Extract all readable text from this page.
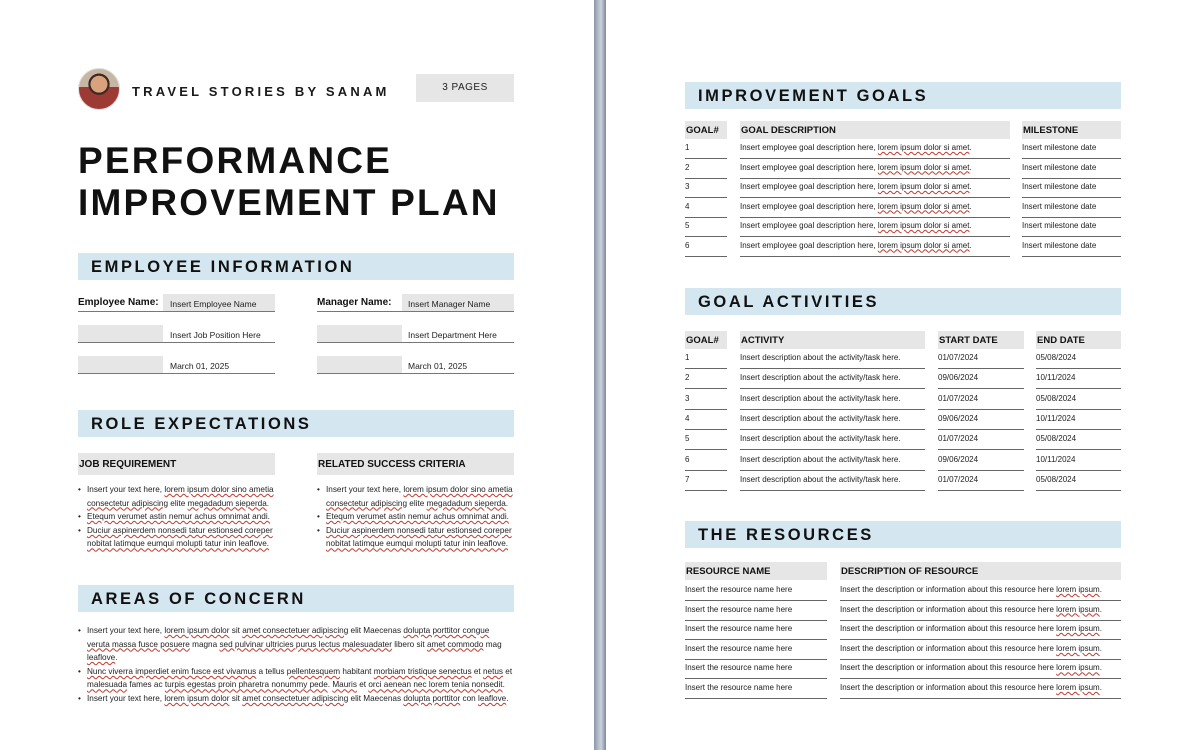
TRAVEL STORIES BY SANAM	3 PAGES
PERFORMANCE
IMPROVEMENT PLAN
EMPLOYEE INFORMATION
Employee Name: Insert Employee Name	Manager Name: Insert Manager Name
Insert Job Position Here	Insert Department Here
March 01, 2025	March 01, 2025
ROLE EXPECTATIONS
JOB REQUIREMENT	RELATED SUCCESS CRITERIA
• Insert your text here, lorem ipsum dolor sino ametia consectetur adipiscing elite megadadum sieperda.
• Etequm verumet astin nemur achus omnimat andi.
• Duciur aspinerdem nonsedi tatur estionsed coreper nobitat latimque eumqui molupti tatur inin leaflove.
• Insert your text here, lorem ipsum dolor sino ametia consectetur adipiscing elite megadadum sieperda.
• Etequm verumet astin nemur achus omnimat andi.
• Duciur aspinerdem nonsedi tatur estionsed coreper nobitat latimque eumqui molupti tatur inin leaflove.
AREAS OF CONCERN
• Insert your text here, lorem ipsum dolor sit amet consectetuer adipiscing elit Maecenas dolupta porttitor congue veruta massa fusce posuere magna sed pulvinar ultricies purus lectus malesuadater libero sit amet commodo mag leaflove.
• Nunc viverra imperdiet enim fusce est vivamus a tellus pellentesquem habitant morbiam tristique senectus et netus et malesuada fames ac turpis egestas proin pharetra nonummy pede. Mauris et orci aenean nec lorem tenia nonsedit.
• Insert your text here, lorem ipsum dolor sit amet consectetuer adipiscing elit Maecenas dolupta porttitor con leaflove.
IMPROVEMENT GOALS
GOAL#	GOAL DESCRIPTION	MILESTONE
1	Insert employee goal description here, lorem ipsum dolor si amet.	Insert milestone date
2	Insert employee goal description here, lorem ipsum dolor si amet.	Insert milestone date
3	Insert employee goal description here, lorem ipsum dolor si amet.	Insert milestone date
4	Insert employee goal description here, lorem ipsum dolor si amet.	Insert milestone date
5	Insert employee goal description here, lorem ipsum dolor si amet.	Insert milestone date
6	Insert employee goal description here, lorem ipsum dolor si amet.	Insert milestone date
GOAL ACTIVITIES
GOAL#	ACTIVITY	START DATE	END DATE
1	Insert description about the activity/task here.	01/07/2024	05/08/2024
2	Insert description about the activity/task here.	09/06/2024	10/11/2024
3	Insert description about the activity/task here.	01/07/2024	05/08/2024
4	Insert description about the activity/task here.	09/06/2024	10/11/2024
5	Insert description about the activity/task here.	01/07/2024	05/08/2024
6	Insert description about the activity/task here.	09/06/2024	10/11/2024
7	Insert description about the activity/task here.	01/07/2024	05/08/2024
THE RESOURCES
RESOURCE NAME	DESCRIPTION OF RESOURCE
Insert the resource name here	Insert the description or information about this resource here lorem ipsum.
Insert the resource name here	Insert the description or information about this resource here lorem ipsum.
Insert the resource name here	Insert the description or information about this resource here lorem ipsum.
Insert the resource name here	Insert the description or information about this resource here lorem ipsum.
Insert the resource name here	Insert the description or information about this resource here lorem ipsum.
Insert the resource name here	Insert the description or information about this resource here lorem ipsum.
